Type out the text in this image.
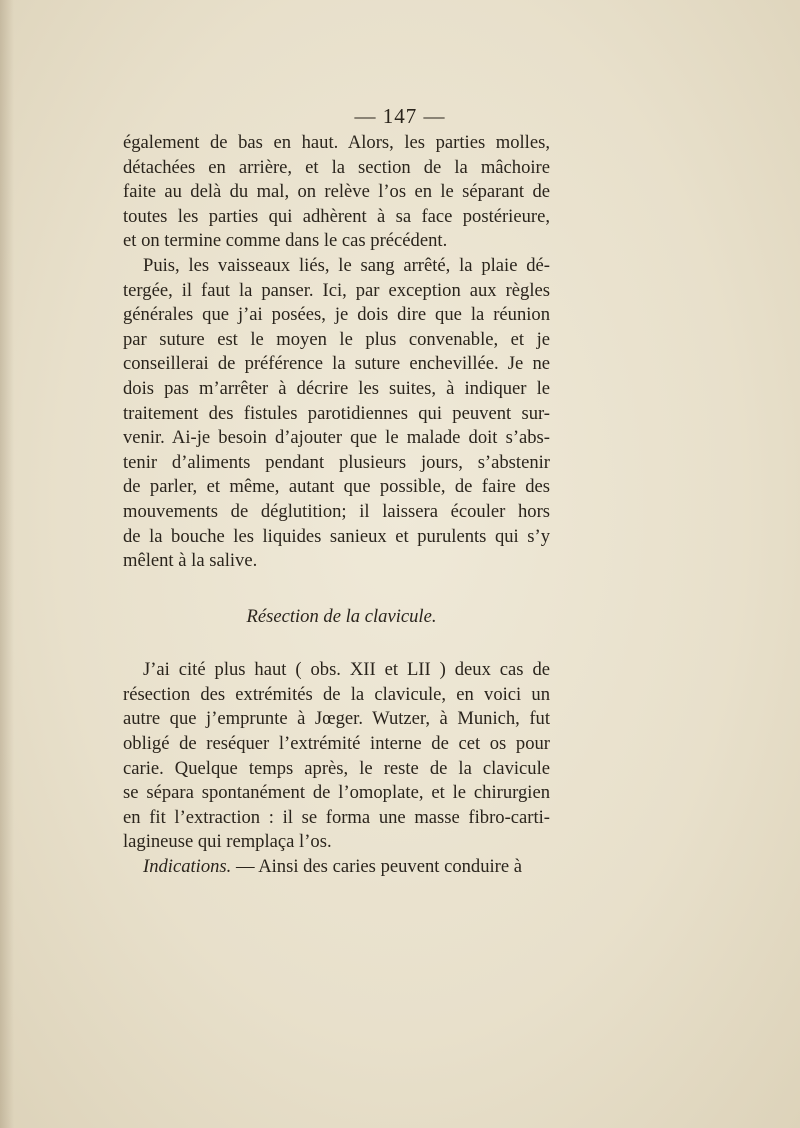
— 147 —
également de bas en haut. Alors, les parties molles,
détachées en arrière, et la section de la mâchoire
faite au delà du mal, on relève l’os en le séparant de
toutes les parties qui adhèrent à sa face postérieure,
et on termine comme dans le cas précédent.
Puis, les vaisseaux liés, le sang arrêté, la plaie dé-
tergée, il faut la panser. Ici, par exception aux règles
générales que j’ai posées, je dois dire que la réunion
par suture est le moyen le plus convenable, et je
conseillerai de préférence la suture enchevillée. Je ne
dois pas m’arrêter à décrire les suites, à indiquer le
traitement des fistules parotidiennes qui peuvent sur-
venir. Ai-je besoin d’ajouter que le malade doit s’abs-
tenir d’aliments pendant plusieurs jours, s’abstenir
de parler, et même, autant que possible, de faire des
mouvements de déglutition; il laissera écouler hors
de la bouche les liquides sanieux et purulents qui s’y
mêlent à la salive.
Résection de la clavicule.
J’ai cité plus haut ( obs. XII et LII ) deux cas de
résection des extrémités de la clavicule, en voici un
autre que j’emprunte à Jœger. Wutzer, à Munich, fut
obligé de reséquer l’extrémité interne de cet os pour
carie. Quelque temps après, le reste de la clavicule
se sépara spontanément de l’omoplate, et le chirurgien
en fit l’extraction : il se forma une masse fibro-carti-
lagineuse qui remplaça l’os.
Indications. — Ainsi des caries peuvent conduire à
